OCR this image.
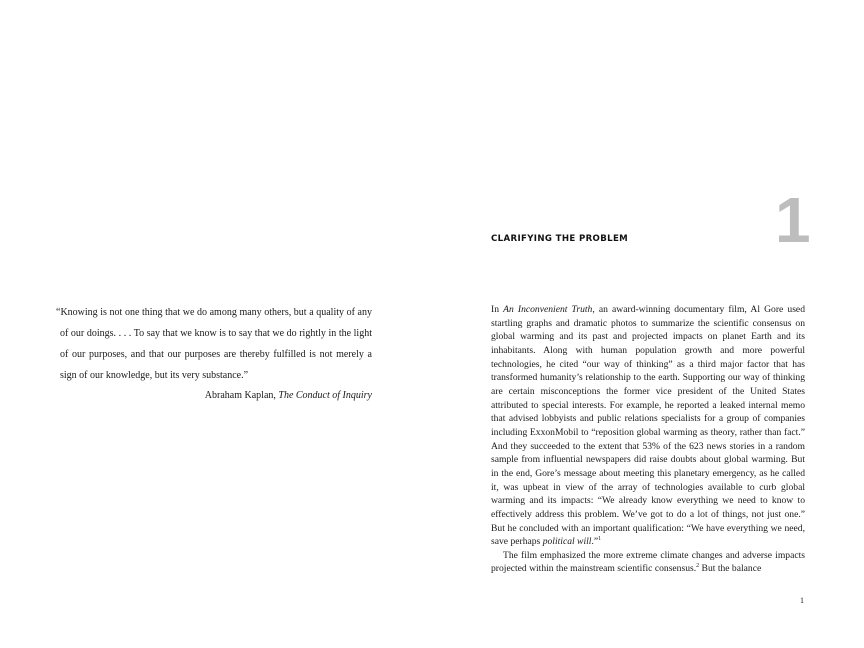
“Knowing is not one thing that we do among many others, but a quality of any of our doings. . . . To say that we know is to say that we do rightly in the light of our purposes, and that our purposes are thereby fulfilled is not merely a sign of our knowledge, but its very substance.”

Abraham Kaplan, The Conduct of Inquiry

1
CLARIFYING THE PROBLEM

In An Inconvenient Truth, an award-winning documentary film, Al Gore used startling graphs and dramatic photos to summarize the scientific consensus on global warming and its past and projected impacts on planet Earth and its inhabitants. Along with human population growth and more powerful technologies, he cited “our way of thinking” as a third major factor that has transformed humanity’s relationship to the earth. Supporting our way of thinking are certain misconceptions the former vice president of the United States attributed to special interests. For example, he reported a leaked internal memo that advised lobbyists and public relations specialists for a group of companies including ExxonMobil to “reposition global warming as theory, rather than fact.” And they succeeded to the extent that 53% of the 623 news stories in a random sample from influential newspapers did raise doubts about global warming. But in the end, Gore’s message about meeting this planetary emergency, as he called it, was upbeat in view of the array of technologies available to curb global warming and its impacts: “We already know everything we need to know to effectively address this problem. We’ve got to do a lot of things, not just one.” But he concluded with an important qualification: “We have everything we need, save perhaps political will.”$^1$

The film emphasized the more extreme climate changes and adverse impacts projected within the mainstream scientific consensus.$^2$ But the balance

1
